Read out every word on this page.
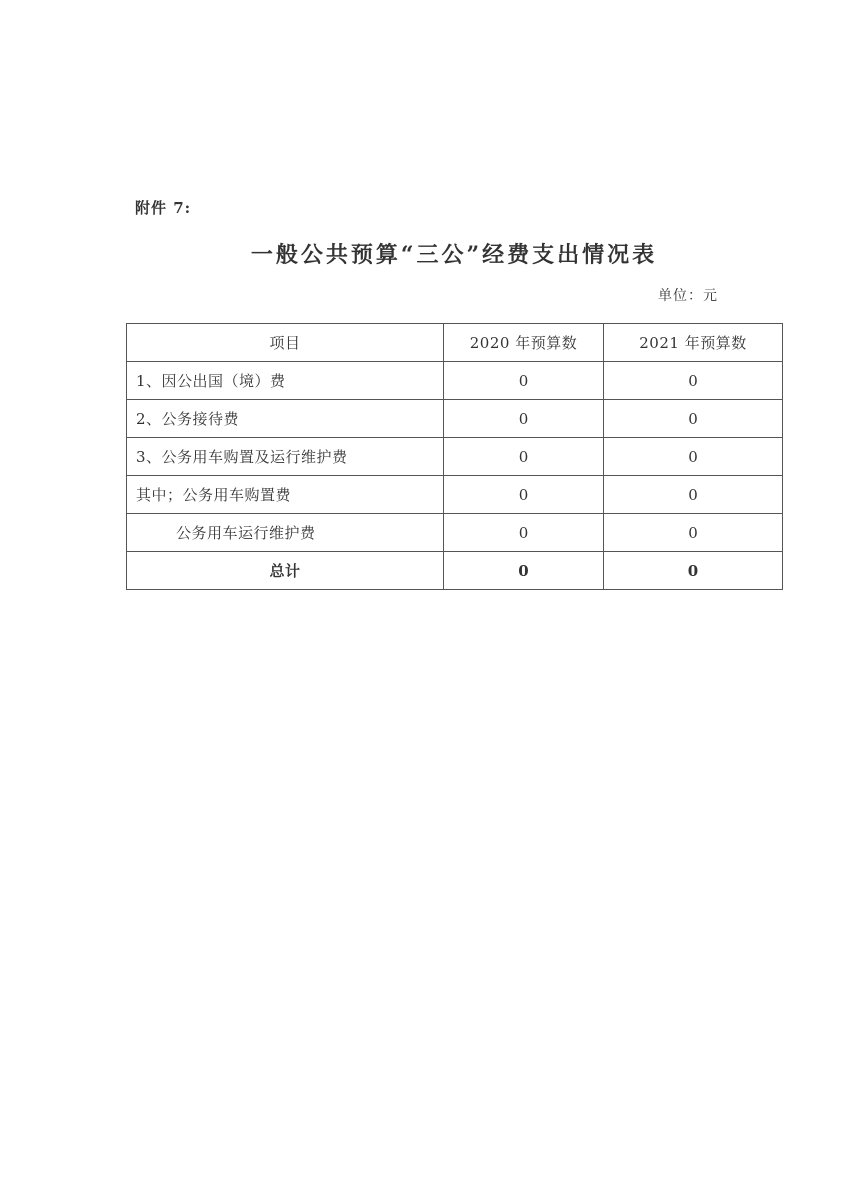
附件 7:
一般公共预算“三公”经费支出情况表
单位：元
项目	2020 年预算数	2021 年预算数
1、因公出国（境）费	0	0
2、公务接待费	0	0
3、公务用车购置及运行维护费	0	0
其中；公务用车购置费	0	0
公务用车运行维护费	0	0
总计	0	0
